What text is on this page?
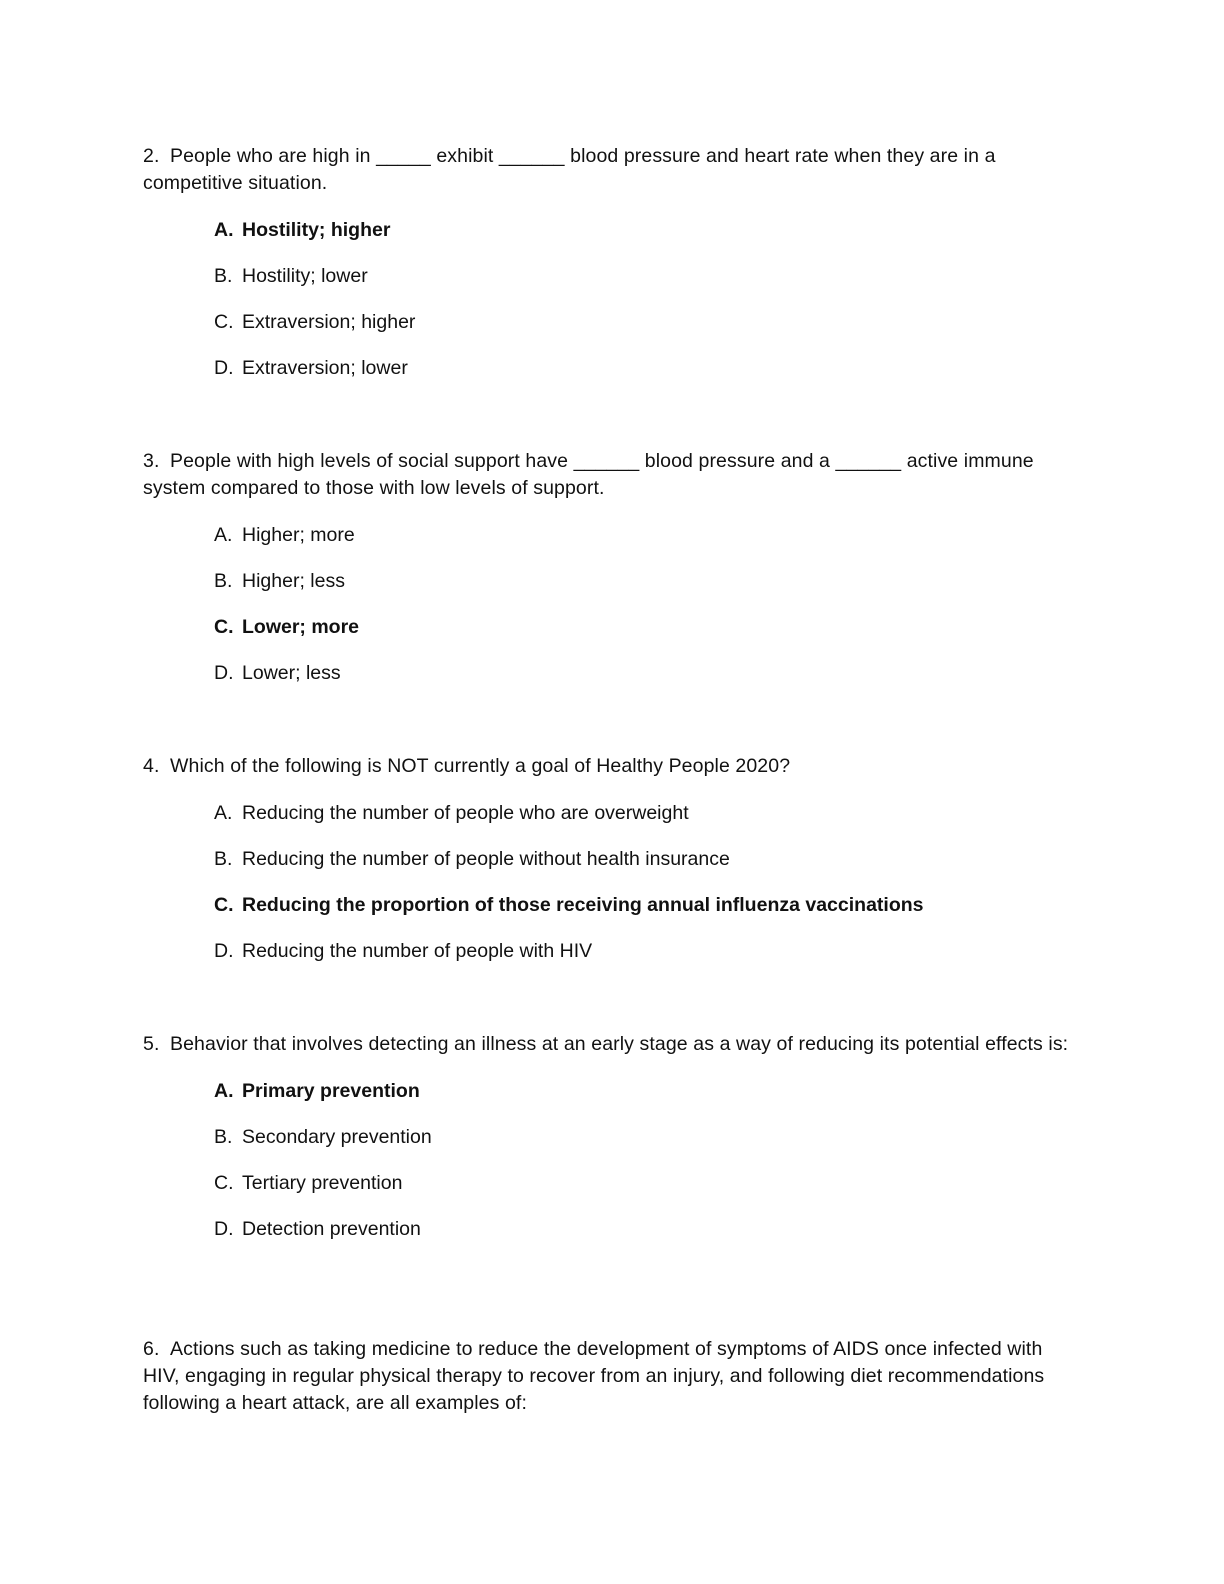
2. People who are high in _____ exhibit ______ blood pressure and heart rate when they are in a competitive situation.

A. Hostility; higher
B. Hostility; lower
C. Extraversion; higher
D. Extraversion; lower

3. People with high levels of social support have ______ blood pressure and a ______ active immune system compared to those with low levels of support.

A. Higher; more
B. Higher; less
C. Lower; more
D. Lower; less

4. Which of the following is NOT currently a goal of Healthy People 2020?

A. Reducing the number of people who are overweight
B. Reducing the number of people without health insurance
C. Reducing the proportion of those receiving annual influenza vaccinations
D. Reducing the number of people with HIV

5. Behavior that involves detecting an illness at an early stage as a way of reducing its potential effects is:

A. Primary prevention
B. Secondary prevention
C. Tertiary prevention
D. Detection prevention

6. Actions such as taking medicine to reduce the development of symptoms of AIDS once infected with HIV, engaging in regular physical therapy to recover from an injury, and following diet recommendations following a heart attack, are all examples of:
